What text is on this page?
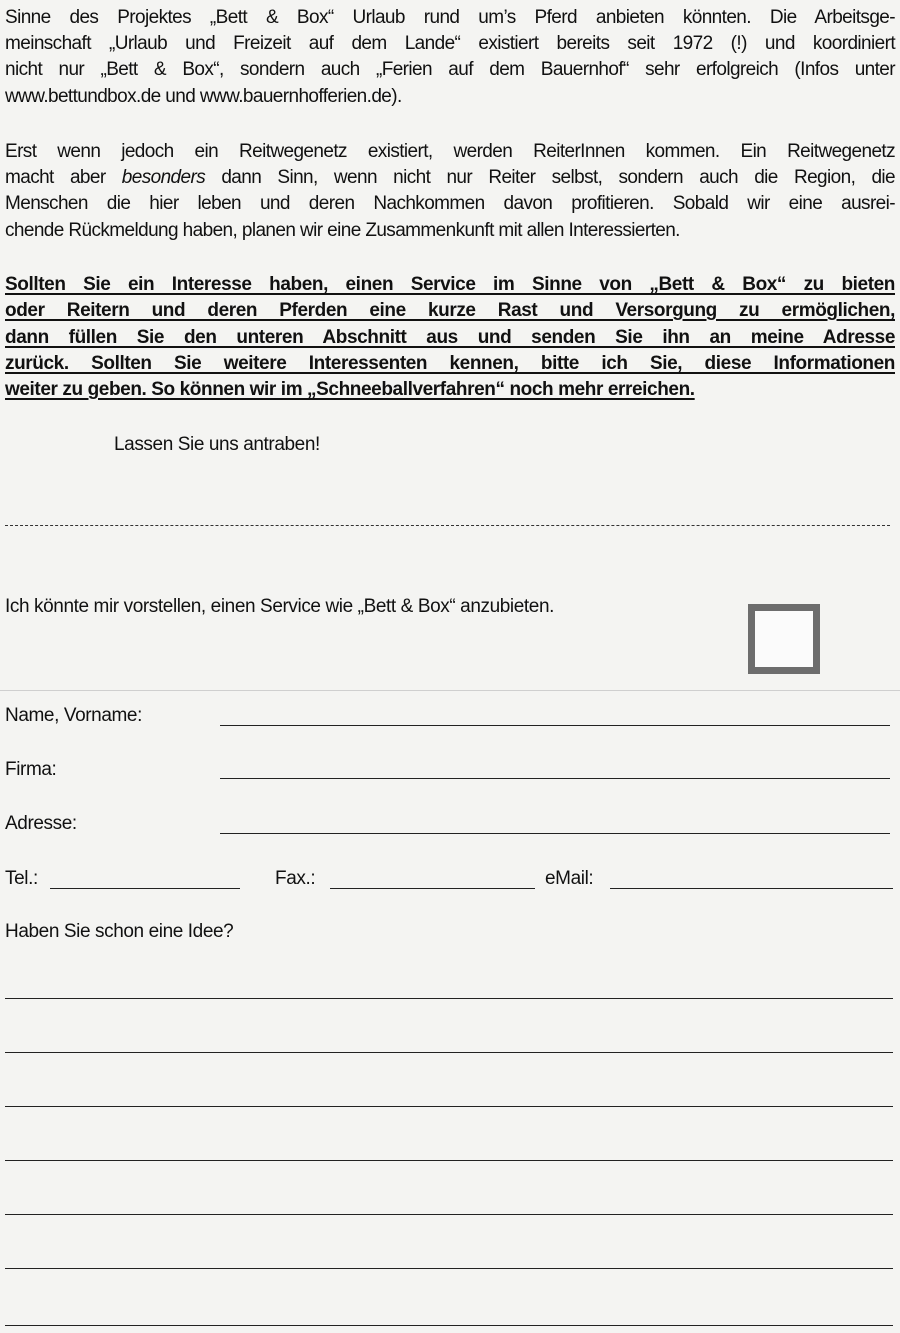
Sinne des Projektes „Bett & Box“ Urlaub rund um’s Pferd anbieten könnten. Die Arbeitsge-
meinschaft „Urlaub und Freizeit auf dem Lande“ existiert bereits seit 1972 (!) und koordiniert
nicht nur „Bett & Box“, sondern auch „Ferien auf dem Bauernhof“ sehr erfolgreich (Infos unter
www.bettundbox.de und www.bauernhofferien.de).
Erst wenn jedoch ein Reitwegenetz existiert, werden ReiterInnen kommen. Ein Reitwegenetz
macht aber besonders dann Sinn, wenn nicht nur Reiter selbst, sondern auch die Region, die
Menschen die hier leben und deren Nachkommen davon profitieren. Sobald wir eine ausrei-
chende Rückmeldung haben, planen wir eine Zusammenkunft mit allen Interessierten.
Sollten Sie ein Interesse haben, einen Service im Sinne von „Bett & Box“ zu bieten
oder Reitern und deren Pferden eine kurze Rast und Versorgung zu ermöglichen,
dann füllen Sie den unteren Abschnitt aus und senden Sie ihn an meine Adresse
zurück. Sollten Sie weitere Interessenten kennen, bitte ich Sie, diese Informationen
weiter zu geben. So können wir im „Schneeballverfahren“ noch mehr erreichen.
Lassen Sie uns antraben!
Ich könnte mir vorstellen, einen Service wie „Bett & Box“ anzubieten.
Name, Vorname:
Firma:
Adresse:
Tel.:	Fax.:	eMail:
Haben Sie schon eine Idee?
